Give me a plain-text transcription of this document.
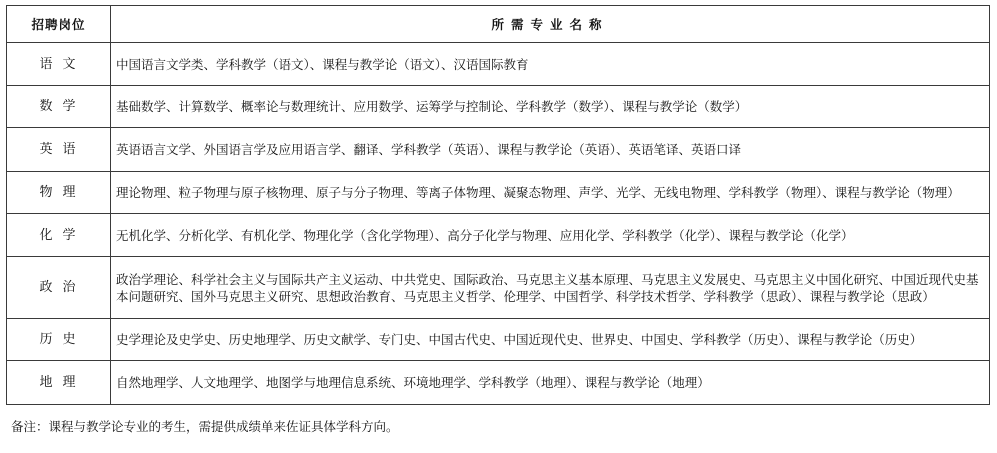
招聘岗位	所需专业名称
语文	中国语言文学类、学科教学（语文）、课程与教学论（语文）、汉语国际教育
数学	基础数学、计算数学、概率论与数理统计、应用数学、运筹学与控制论、学科教学（数学）、课程与教学论（数学）
英语	英语语言文学、外国语言学及应用语言学、翻译、学科教学（英语）、课程与教学论（英语）、英语笔译、英语口译
物理	理论物理、粒子物理与原子核物理、原子与分子物理、等离子体物理、凝聚态物理、声学、光学、无线电物理、学科教学（物理）、课程与教学论（物理）
化学	无机化学、分析化学、有机化学、物理化学（含化学物理）、高分子化学与物理、应用化学、学科教学（化学）、课程与教学论（化学）
政治	政治学理论、科学社会主义与国际共产主义运动、中共党史、国际政治、马克思主义基本原理、马克思主义发展史、马克思主义中国化研究、中国近现代史基本问题研究、国外马克思主义研究、思想政治教育、马克思主义哲学、伦理学、中国哲学、科学技术哲学、学科教学（思政）、课程与教学论（思政）
历史	史学理论及史学史、历史地理学、历史文献学、专门史、中国古代史、中国近现代史、世界史、中国史、学科教学（历史）、课程与教学论（历史）
地理	自然地理学、人文地理学、地图学与地理信息系统、环境地理学、学科教学（地理）、课程与教学论（地理）
备注：课程与教学论专业的考生，需提供成绩单来佐证具体学科方向。
